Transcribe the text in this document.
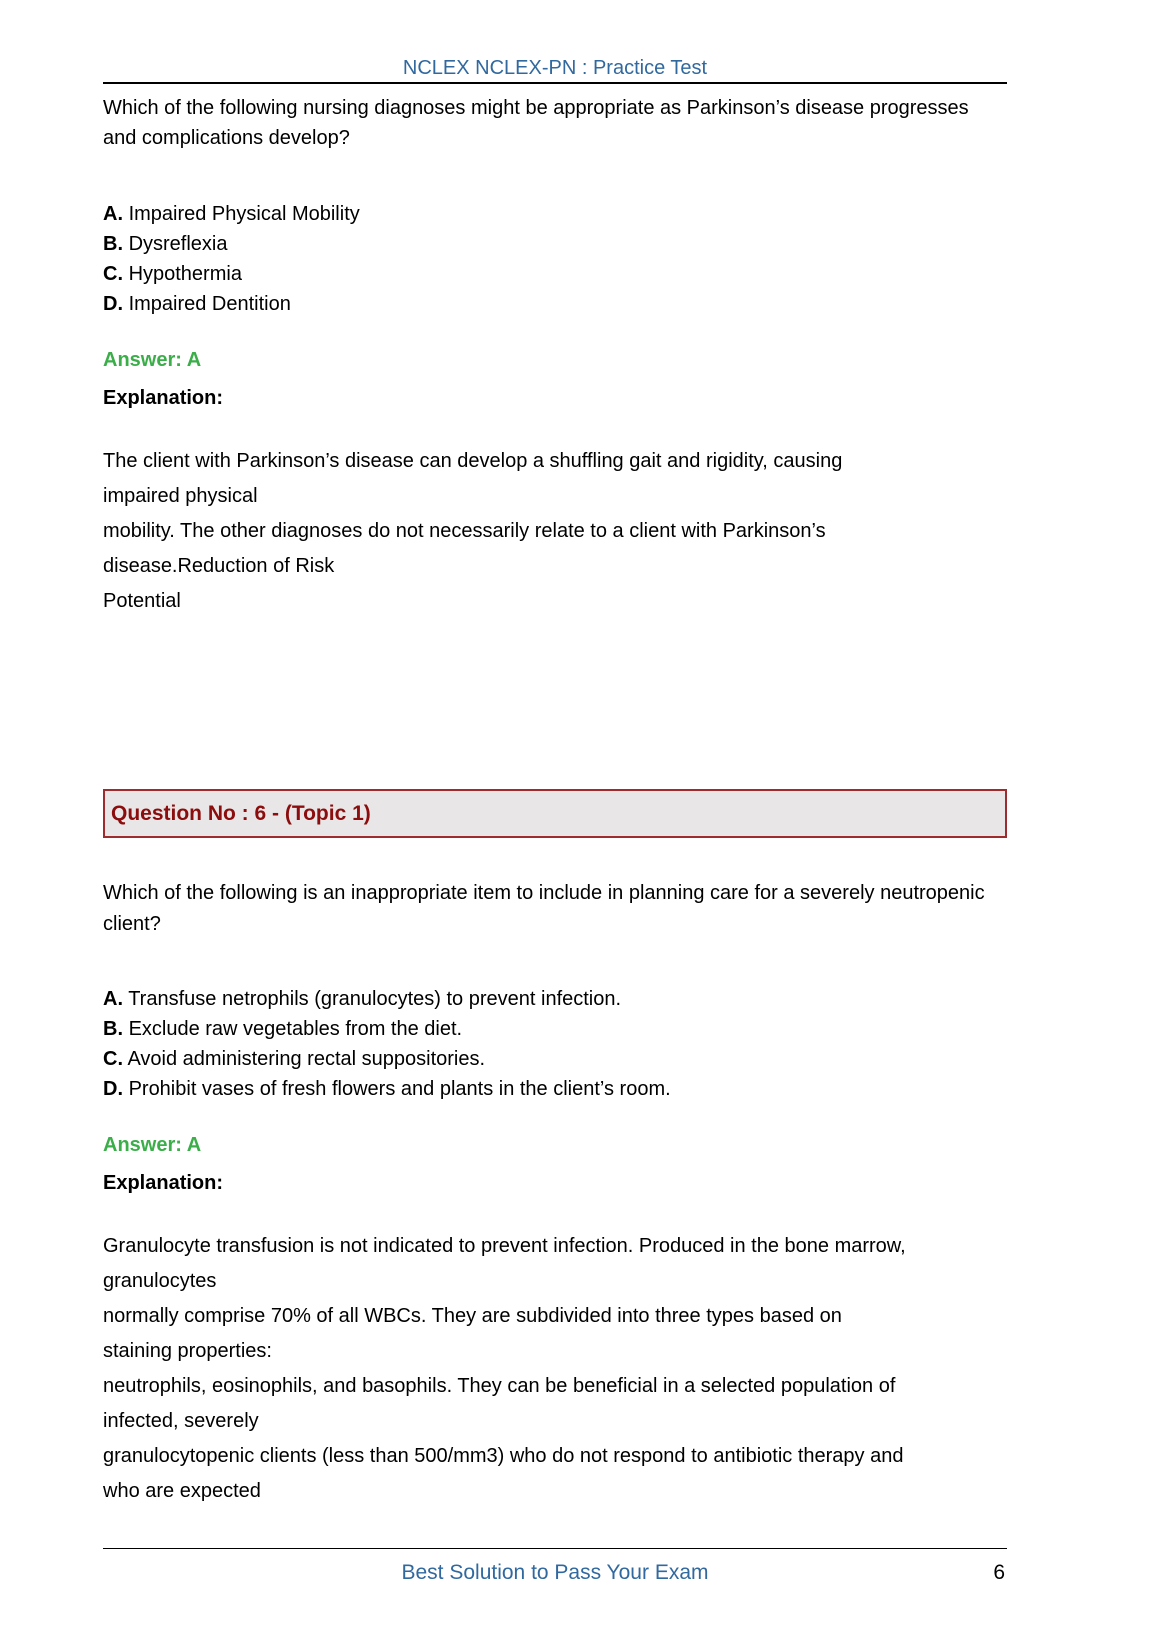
NCLEX NCLEX-PN : Practice Test
Which of the following nursing diagnoses might be appropriate as Parkinson’s disease progresses and complications develop?
A. Impaired Physical Mobility
B. Dysreflexia
C. Hypothermia
D. Impaired Dentition
Answer: A
Explanation:
The client with Parkinson’s disease can develop a shuffling gait and rigidity, causing
impaired physical
mobility. The other diagnoses do not necessarily relate to a client with Parkinson’s
disease.Reduction of Risk
Potential
Question No : 6 - (Topic 1)
Which of the following is an inappropriate item to include in planning care for a severely neutropenic client?
A. Transfuse netrophils (granulocytes) to prevent infection.
B. Exclude raw vegetables from the diet.
C. Avoid administering rectal suppositories.
D. Prohibit vases of fresh flowers and plants in the client’s room.
Answer: A
Explanation:
Granulocyte transfusion is not indicated to prevent infection. Produced in the bone marrow,
granulocytes
normally comprise 70% of all WBCs. They are subdivided into three types based on
staining properties:
neutrophils, eosinophils, and basophils. They can be beneficial in a selected population of
infected, severely
granulocytopenic clients (less than 500/mm3) who do not respond to antibiotic therapy and
who are expected
Best Solution to Pass Your Exam	6
